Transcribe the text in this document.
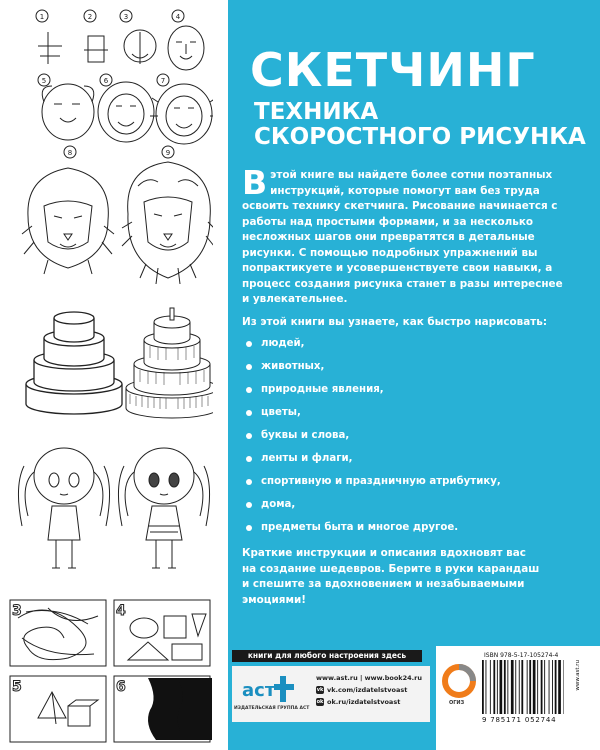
1	2	3	4
5	6	7
8	9
3	4
5	6
СКЕТЧИНГ
ТЕХНИКА
СКОРОСТНОГО РИСУНКА
В этой книге вы найдете более сотни поэтапных инструкций, которые помогут вам без труда освоить технику скетчинга. Рисование начинается с работы над простыми формами, и за несколько несложных шагов они превратятся в детальные рисунки. С помощью подробных упражнений вы попрактикуете и усовершенствуете свои навыки, а процесс создания рисунка станет в разы интереснее и увлекательнее.
Из этой книги вы узнаете, как быстро нарисовать:
людей,
животных,
природные явления,
цветы,
буквы и слова,
ленты и флаги,
спортивную и праздничную атрибутику,
дома,
предметы быта и многое другое.
Краткие инструкции и описания вдохновят вас
на создание шедевров. Берите в руки карандаш
и спешите за вдохновением и незабываемыми эмоциями!
книги для любого настроения здесь
аст
ИЗДАТЕЛЬСКАЯ ГРУППА АСТ
www.ast.ru | www.book24.ru
vk vk.com/izdatelstvoast
ok ok.ru/izdatelstvoast	ОГИЗ
ISBN 978-5-17-105274-4
9 785171 052744
www.ast.ru
